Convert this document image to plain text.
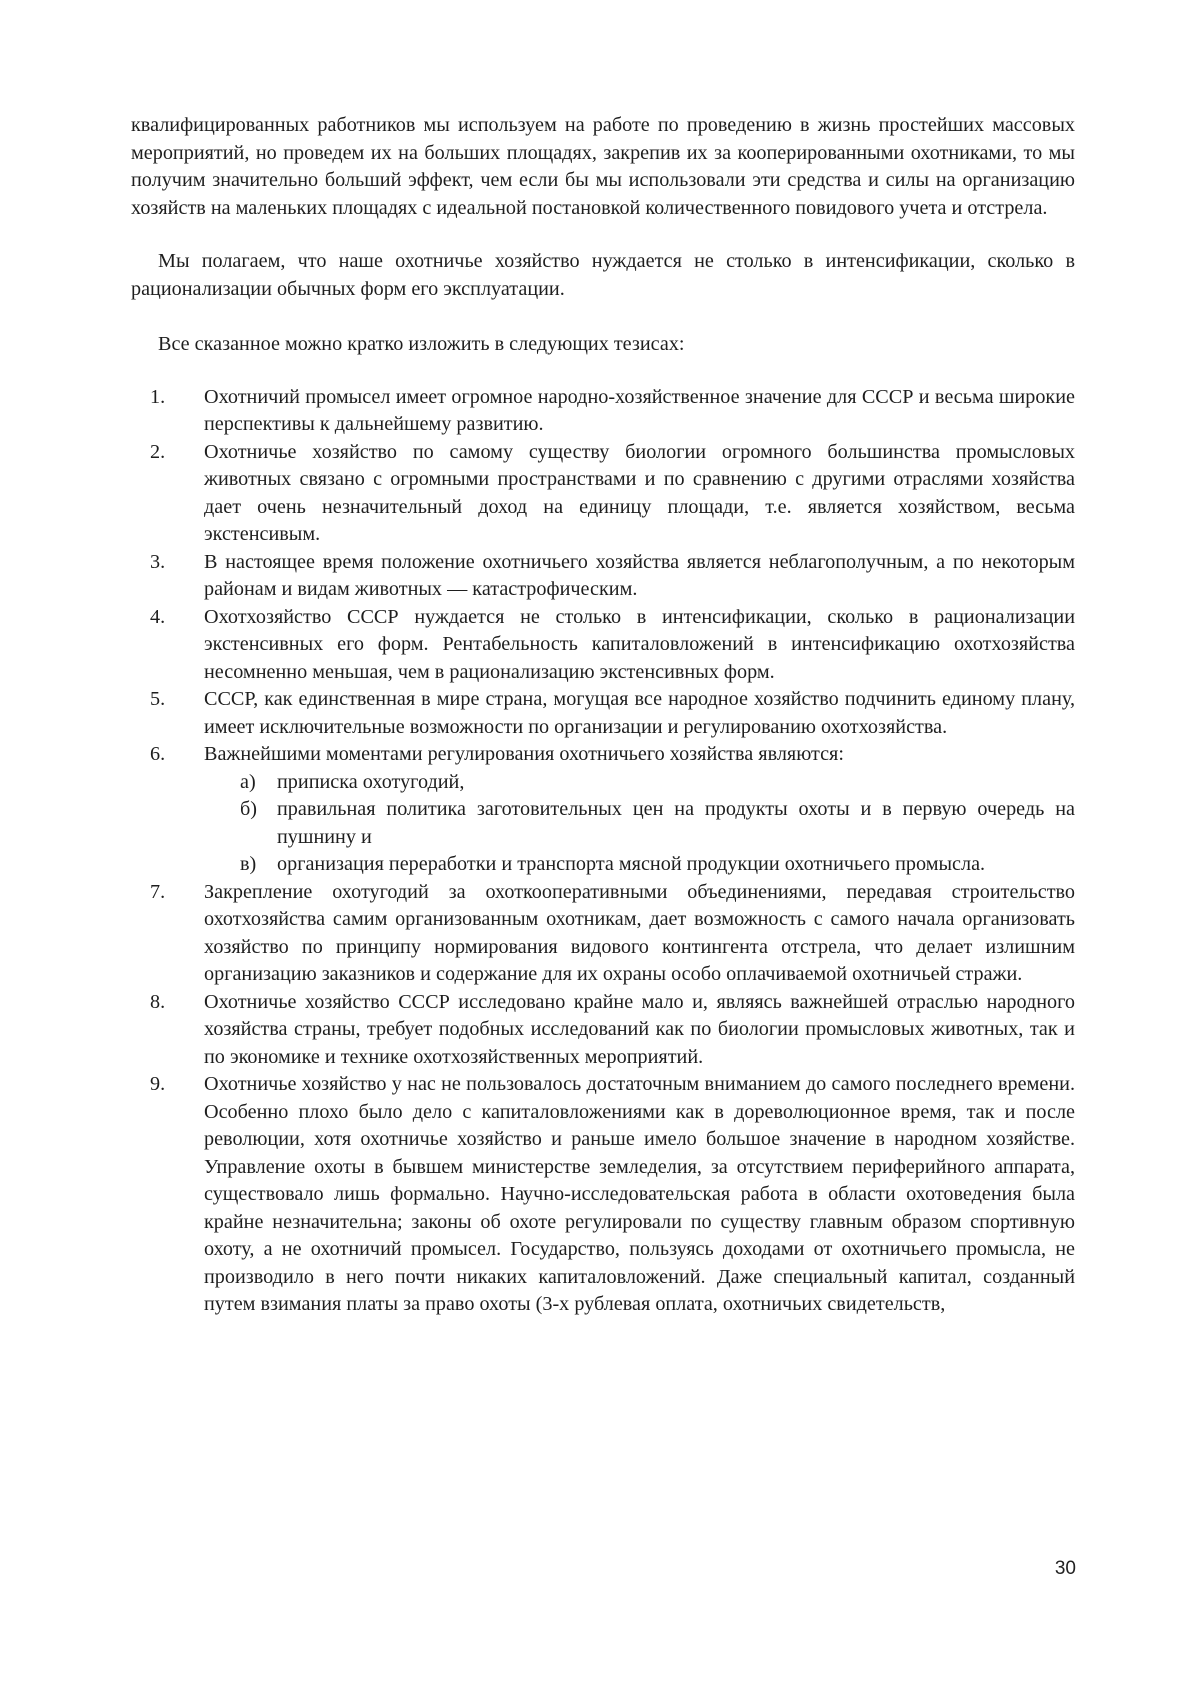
квалифицированных работников мы используем на работе по проведению в жизнь простейших массовых мероприятий, но проведем их на больших площадях, закрепив их за кооперированными охотниками, то мы получим значительно больший эффект, чем если бы мы использовали эти средства и силы на организацию хозяйств на маленьких площадях с идеальной постановкой количественного повидового учета и отстрела.

Мы полагаем, что наше охотничье хозяйство нуждается не столько в интенсификации, сколько в рационализации обычных форм его эксплуатации.

Все сказанное можно кратко изложить в следующих тезисах:

1. Охотничий промысел имеет огромное народно-хозяйственное значение для СССР и весьма широкие перспективы к дальнейшему развитию.
2. Охотничье хозяйство по самому существу биологии огромного большинства промысловых животных связано с огромными пространствами и по сравнению с другими отраслями хозяйства дает очень незначительный доход на единицу площади, т.е. является хозяйством, весьма экстенсивым.
3. В настоящее время положение охотничьего хозяйства является неблагополучным, а по некоторым районам и видам животных — катастрофическим.
4. Охотхозяйство СССР нуждается не столько в интенсификации, сколько в рационализации экстенсивных его форм. Рентабельность капиталовложений в интенсификацию охотхозяйства несомненно меньшая, чем в рационализацию экстенсивных форм.
5. СССР, как единственная в мире страна, могущая все народное хозяйство подчинить единому плану, имеет исключительные возможности по организации и регулированию охотхозяйства.
6. Важнейшими моментами регулирования охотничьего хозяйства являются:
а) приписка охотугодий,
б) правильная политика заготовительных цен на продукты охоты и в первую очередь на пушнину и
в) организация переработки и транспорта мясной продукции охотничьего промысла.
7. Закрепление охотугодий за охоткооперативными объединениями, передавая строительство охотхозяйства самим организованным охотникам, дает возможность с самого начала организовать хозяйство по принципу нормирования видового контингента отстрела, что делает излишним организацию заказников и содержание для их охраны особо оплачиваемой охотничьей стражи.
8. Охотничье хозяйство СССР исследовано крайне мало и, являясь важнейшей отраслью народного хозяйства страны, требует подобных исследований как по биологии промысловых животных, так и по экономике и технике охотхозяйственных мероприятий.
9. Охотничье хозяйство у нас не пользовалось достаточным вниманием до самого последнего времени. Особенно плохо было дело с капиталовложениями как в дореволюционное время, так и после революции, хотя охотничье хозяйство и раньше имело большое значение в народном хозяйстве. Управление охоты в бывшем министерстве земледелия, за отсутствием периферийного аппарата, существовало лишь формально. Научно-исследовательская работа в области охотоведения была крайне незначительна; законы об охоте регулировали по существу главным образом спортивную охоту, а не охотничий промысел. Государство, пользуясь доходами от охотничьего промысла, не производило в него почти никаких капиталовложений. Даже специальный капитал, созданный путем взимания платы за право охоты (3-х рублевая оплата, охотничьих свидетельств,
30
